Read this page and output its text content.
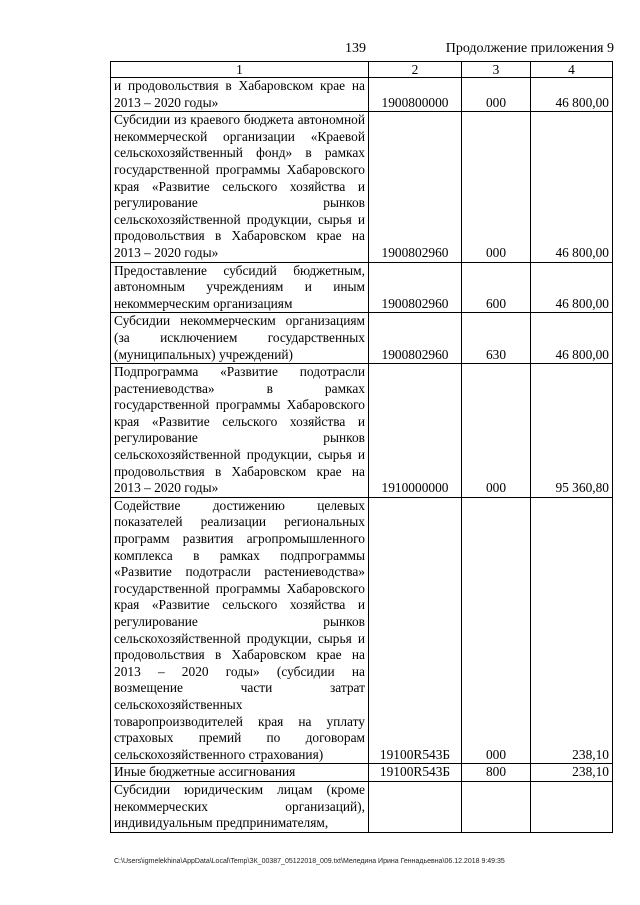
139	Продолжение приложения 9
1	2	3	4
и продовольствия в Хабаровском крае на 2013 – 2020 годы»	1900800000	000	46 800,00
Субсидии из краевого бюджета автономной некоммерческой организации «Краевой сельскохозяйственный фонд» в рамках государственной программы Хабаровского края «Развитие сельского хозяйства и регулирование рынков сельскохозяйственной продукции, сырья и продовольствия в Хабаровском крае на 2013 – 2020 годы»	1900802960	000	46 800,00
Предоставление субсидий бюджетным, автономным учреждениям и иным некоммерческим организациям	1900802960	600	46 800,00
Субсидии некоммерческим организациям (за исключением государственных (муниципальных) учреждений)	1900802960	630	46 800,00
Подпрограмма «Развитие подотрасли растениеводства» в рамках государственной программы Хабаровского края «Развитие сельского хозяйства и регулирование рынков сельскохозяйственной продукции, сырья и продовольствия в Хабаровском крае на 2013 – 2020 годы»	1910000000	000	95 360,80
Содействие достижению целевых показателей реализации региональных программ развития агропромышленного комплекса в рамках подпрограммы «Развитие подотрасли растениеводства» государственной программы Хабаровского края «Развитие сельского хозяйства и регулирование рынков сельскохозяйственной продукции, сырья и продовольствия в Хабаровском крае на 2013 – 2020 годы» (субсидии на возмещение части затрат сельскохозяйственных товаропроизводителей края на уплату страховых премий по договорам сельскохозяйственного страхования)	19100R543Б	000	238,10
Иные бюджетные ассигнования	19100R543Б	800	238,10
Субсидии юридическим лицам (кроме некоммерческих организаций), индивидуальным предпринимателям,			
C:\Users\igmelekhina\AppData\Local\Temp\ЗК_00387_05122018_009.txt\Меледина Ирина Геннадьевна\06.12.2018 9:49:35
